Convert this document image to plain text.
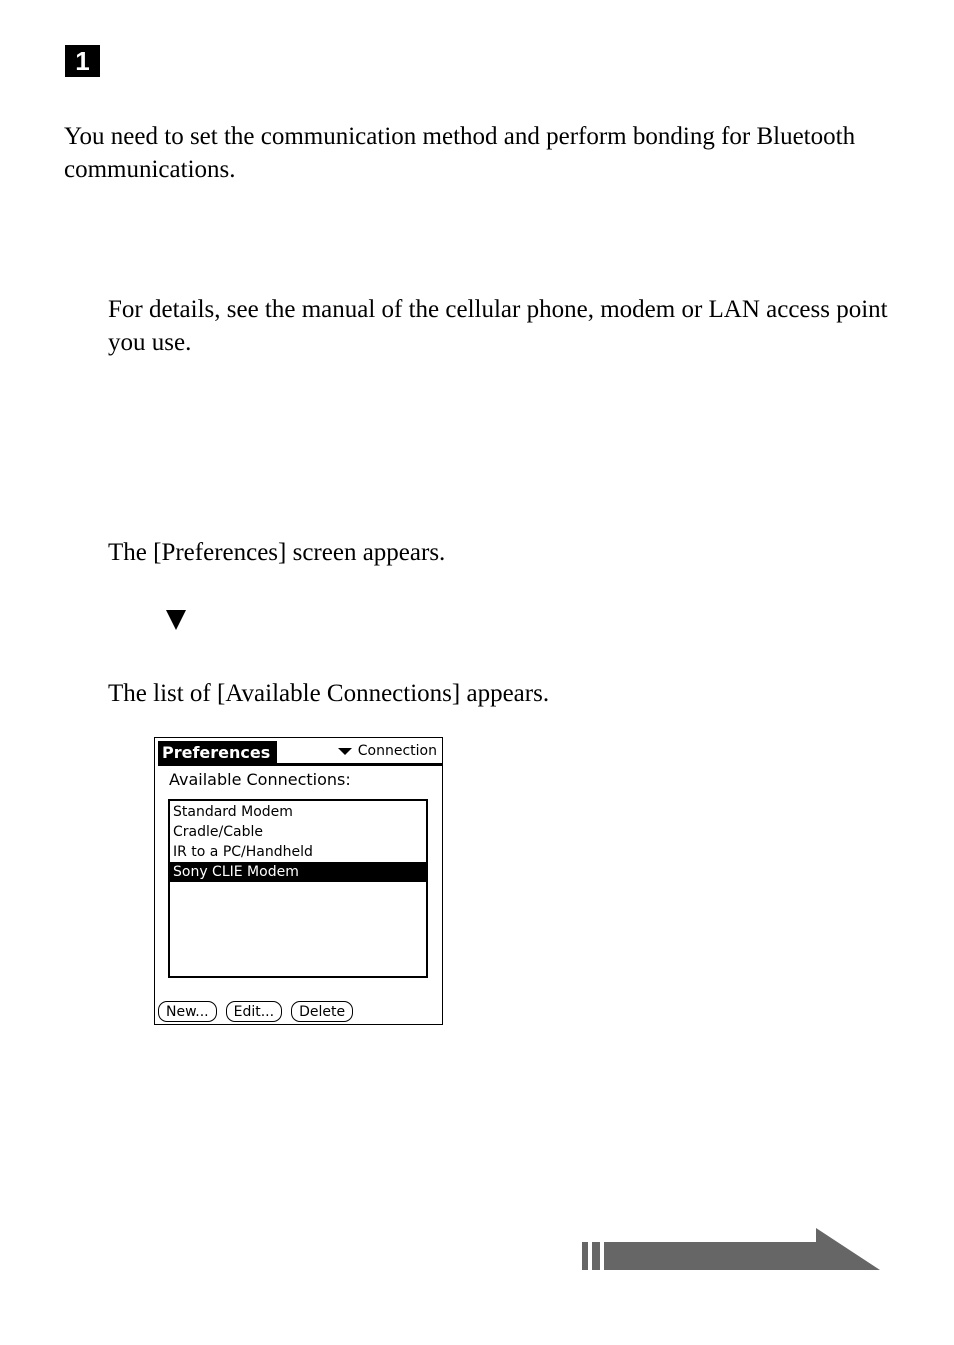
1

You need to set the communication method and perform bonding for Bluetooth communications.

For details, see the manual of the cellular phone, modem or LAN access point you use.

The [Preferences] screen appears.

The list of [Available Connections] appears.

Preferences	Connection
Available Connections:
Standard Modem
Cradle/Cable
IR to a PC/Handheld
Sony CLIE Modem
New...	Edit...	Delete
